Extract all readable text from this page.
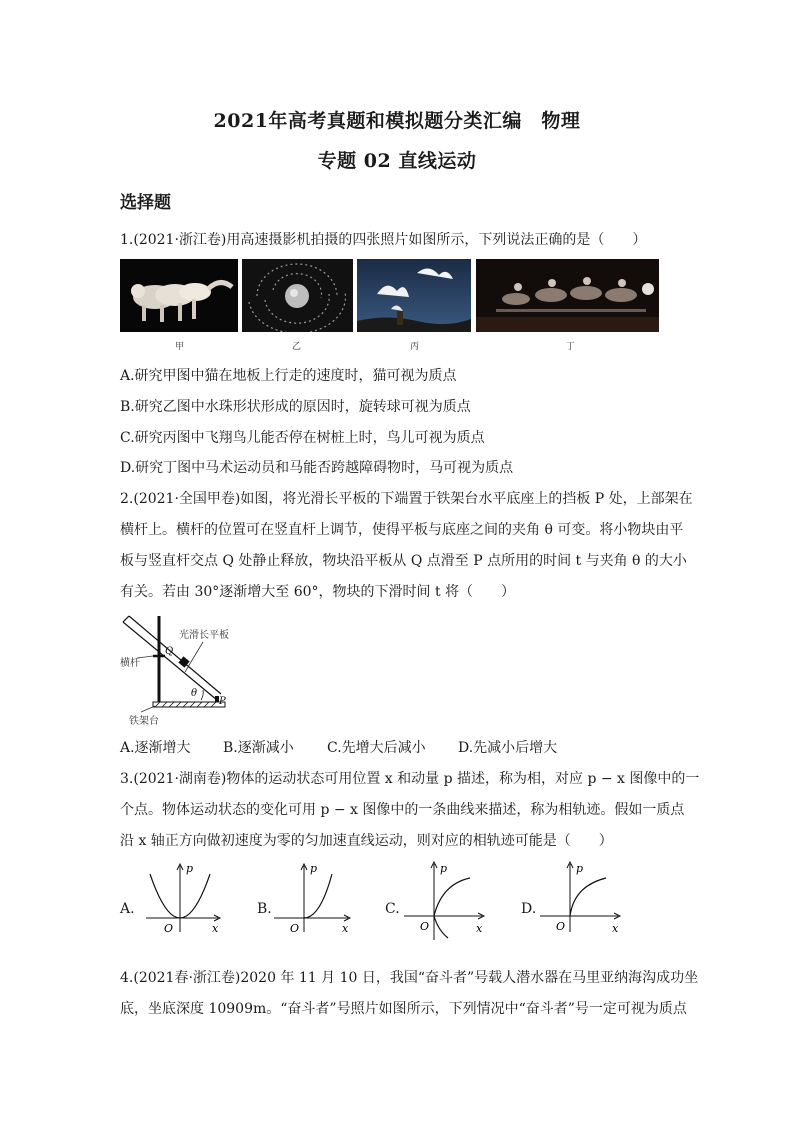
2021年高考真题和模拟题分类汇编　物理
专题 02 直线运动
选择题
1.(2021·浙江卷)用高速摄影机拍摄的四张照片如图所示，下列说法正确的是（　　）
甲	乙	丙	丁
A.研究甲图中猫在地板上行走的速度时，猫可视为质点
B.研究乙图中水珠形状形成的原因时，旋转球可视为质点
C.研究丙图中飞翔鸟儿能否停在树桩上时，鸟儿可视为质点
D.研究丁图中马术运动员和马能否跨越障碍物时，马可视为质点
2.(2021·全国甲卷)如图，将光滑长平板的下端置于铁架台水平底座上的挡板 P 处，上部架在
横杆上。横杆的位置可在竖直杆上调节，使得平板与底座之间的夹角 θ 可变。将小物块由平
板与竖直杆交点 Q 处静止释放，物块沿平板从 Q 点滑至 P 点所用的时间 t 与夹角 θ 的大小
有关。若由 30°逐渐增大至 60°，物块的下滑时间 t 将（　　）
光滑长平板
横杆
Q
P
θ
铁架台
A.逐渐增大 B.逐渐减小 C.先增大后减小 D.先减小后增大
3.(2021·湖南卷)物体的运动状态可用位置 x 和动量 p 描述，称为相，对应 p − x 图像中的一
个点。物体运动状态的变化可用 p − x 图像中的一条曲线来描述，称为相轨迹。假如一质点
沿 x 轴正方向做初速度为零的匀加速直线运动，则对应的相轨迹可能是（　　）
A.	B.	C.	D.
p
x
O
p
x
O
p
x
O
p
x
O
4.(2021春·浙江卷)2020 年 11 月 10 日，我国“奋斗者”号载人潜水器在马里亚纳海沟成功坐
底，坐底深度 10909m。“奋斗者”号照片如图所示，下列情况中“奋斗者”号一定可视为质点
